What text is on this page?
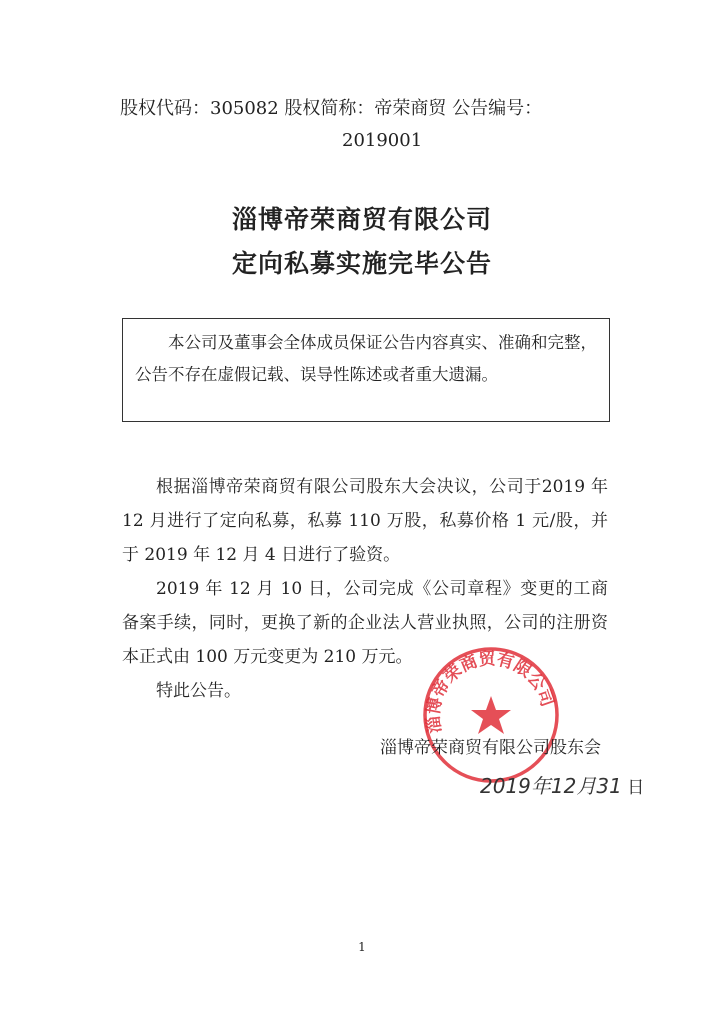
股权代码：305082 股权简称：帝荣商贸 公告编号：
2019001
淄博帝荣商贸有限公司
定向私募实施完毕公告
本公司及董事会全体成员保证公告内容真实、准确和完整，
公告不存在虚假记载、误导性陈述或者重大遗漏。

根据淄博帝荣商贸有限公司股东大会决议，公司于2019 年 12 月进行了定向私募，私募 110 万股，私募价格 1 元/股，并于 2019 年 12 月 4 日进行了验资。

2019 年 12 月 10 日，公司完成《公司章程》变更的工商备案手续，同时，更换了新的企业法人营业执照，公司的注册资本正式由 100 万元变更为 210 万元。

特此公告。

淄博帝荣商贸有限公司
淄博帝荣商贸有限公司股东会
2019年12月31 日
1
